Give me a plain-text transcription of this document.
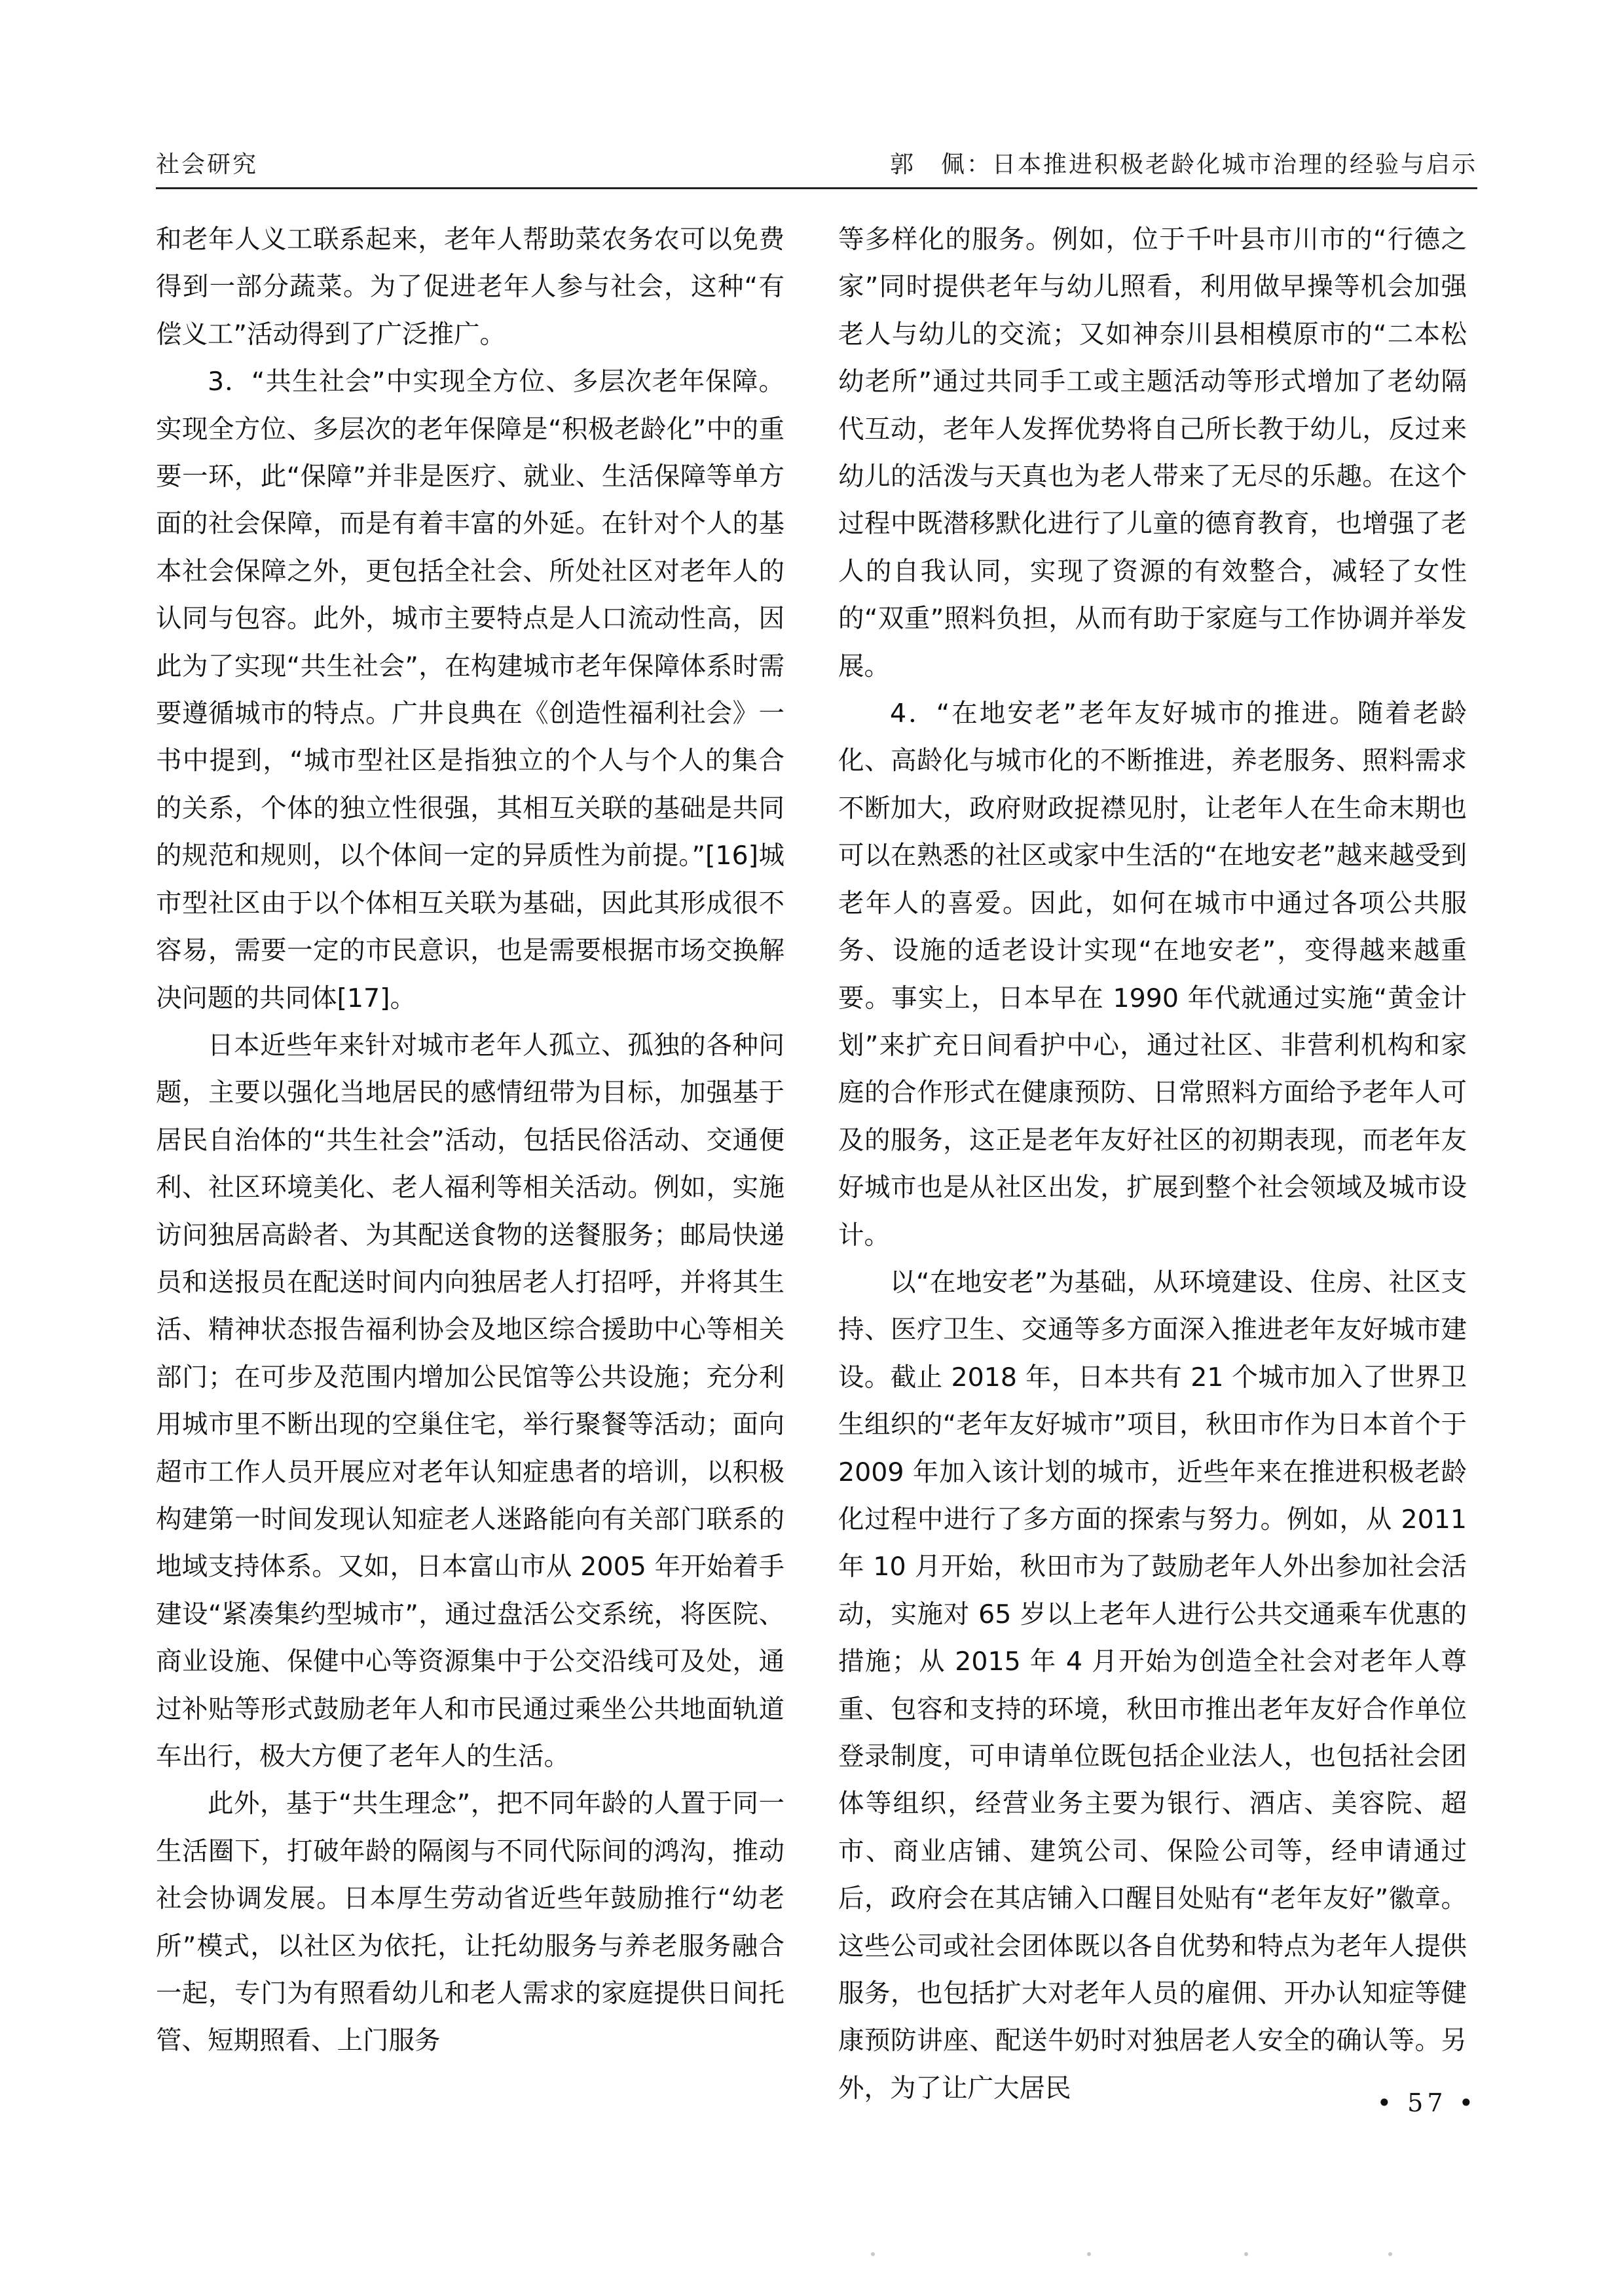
社会研究	郭　佩：日本推进积极老龄化城市治理的经验与启示

和老年人义工联系起来，老年人帮助菜农务农可以免费得到一部分蔬菜。为了促进老年人参与社会，这种“有偿义工”活动得到了广泛推广。

3．“共生社会”中实现全方位、多层次老年保障。实现全方位、多层次的老年保障是“积极老龄化”中的重要一环，此“保障”并非是医疗、就业、生活保障等单方面的社会保障，而是有着丰富的外延。在针对个人的基本社会保障之外，更包括全社会、所处社区对老年人的认同与包容。此外，城市主要特点是人口流动性高，因此为了实现“共生社会”，在构建城市老年保障体系时需要遵循城市的特点。广井良典在《创造性福利社会》一书中提到，“城市型社区是指独立的个人与个人的集合的关系，个体的独立性很强，其相互关联的基础是共同的规范和规则，以个体间一定的异质性为前提。”[16]城市型社区由于以个体相互关联为基础，因此其形成很不容易，需要一定的市民意识，也是需要根据市场交换解决问题的共同体[17]。

日本近些年来针对城市老年人孤立、孤独的各种问题，主要以强化当地居民的感情纽带为目标，加强基于居民自治体的“共生社会”活动，包括民俗活动、交通便利、社区环境美化、老人福利等相关活动。例如，实施访问独居高龄者、为其配送食物的送餐服务；邮局快递员和送报员在配送时间内向独居老人打招呼，并将其生活、精神状态报告福利协会及地区综合援助中心等相关部门；在可步及范围内增加公民馆等公共设施；充分利用城市里不断出现的空巢住宅，举行聚餐等活动；面向超市工作人员开展应对老年认知症患者的培训，以积极构建第一时间发现认知症老人迷路能向有关部门联系的地域支持体系。又如，日本富山市从 2005 年开始着手建设“紧凑集约型城市”，通过盘活公交系统，将医院、商业设施、保健中心等资源集中于公交沿线可及处，通过补贴等形式鼓励老年人和市民通过乘坐公共地面轨道车出行，极大方便了老年人的生活。

此外，基于“共生理念”，把不同年龄的人置于同一生活圈下，打破年龄的隔阂与不同代际间的鸿沟，推动社会协调发展。日本厚生劳动省近些年鼓励推行“幼老所”模式，以社区为依托，让托幼服务与养老服务融合一起，专门为有照看幼儿和老人需求的家庭提供日间托管、短期照看、上门服务

等多样化的服务。例如，位于千叶县市川市的“行德之家”同时提供老年与幼儿照看，利用做早操等机会加强老人与幼儿的交流；又如神奈川县相模原市的“二本松幼老所”通过共同手工或主题活动等形式增加了老幼隔代互动，老年人发挥优势将自己所长教于幼儿，反过来幼儿的活泼与天真也为老人带来了无尽的乐趣。在这个过程中既潜移默化进行了儿童的德育教育，也增强了老人的自我认同，实现了资源的有效整合，减轻了女性的“双重”照料负担，从而有助于家庭与工作协调并举发展。

4．“在地安老”老年友好城市的推进。随着老龄化、高龄化与城市化的不断推进，养老服务、照料需求不断加大，政府财政捉襟见肘，让老年人在生命末期也可以在熟悉的社区或家中生活的“在地安老”越来越受到老年人的喜爱。因此，如何在城市中通过各项公共服务、设施的适老设计实现“在地安老”，变得越来越重要。事实上，日本早在 1990 年代就通过实施“黄金计划”来扩充日间看护中心，通过社区、非营利机构和家庭的合作形式在健康预防、日常照料方面给予老年人可及的服务，这正是老年友好社区的初期表现，而老年友好城市也是从社区出发，扩展到整个社会领域及城市设计。

以“在地安老”为基础，从环境建设、住房、社区支持、医疗卫生、交通等多方面深入推进老年友好城市建设。截止 2018 年，日本共有 21 个城市加入了世界卫生组织的“老年友好城市”项目，秋田市作为日本首个于 2009 年加入该计划的城市，近些年来在推进积极老龄化过程中进行了多方面的探索与努力。例如，从 2011 年 10 月开始，秋田市为了鼓励老年人外出参加社会活动，实施对 65 岁以上老年人进行公共交通乘车优惠的措施；从 2015 年 4 月开始为创造全社会对老年人尊重、包容和支持的环境，秋田市推出老年友好合作单位登录制度，可申请单位既包括企业法人，也包括社会团体等组织，经营业务主要为银行、酒店、美容院、超市、商业店铺、建筑公司、保险公司等，经申请通过后，政府会在其店铺入口醒目处贴有“老年友好”徽章。这些公司或社会团体既以各自优势和特点为老年人提供服务，也包括扩大对老年人员的雇佣、开办认知症等健康预防讲座、配送牛奶时对独居老人安全的确认等。另外，为了让广大居民	• 57 •
